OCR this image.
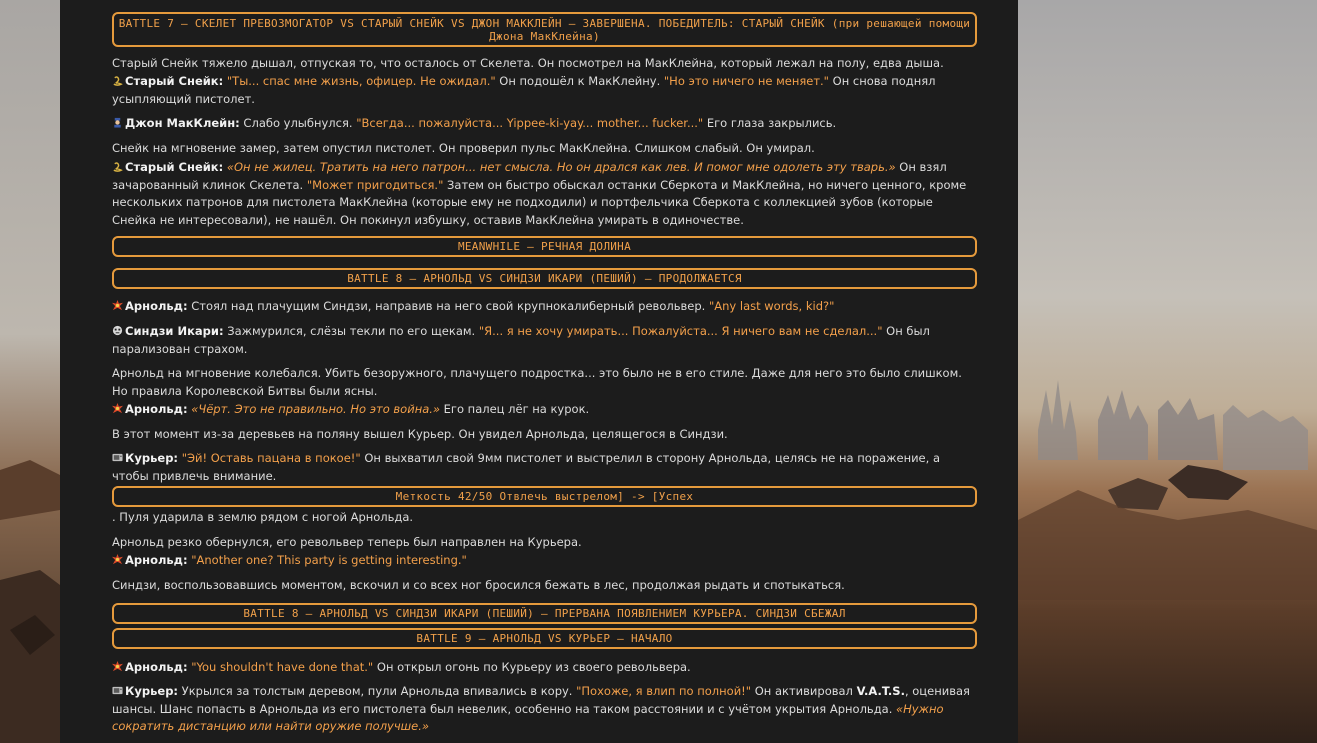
BATTLE 7 – СКЕЛЕТ ПРЕВОЗМОГАТОР VS СТАРЫЙ СНЕЙК VS ДЖОН МАККЛЕЙН – ЗАВЕРШЕНА. ПОБЕДИТЕЛЬ: СТАРЫЙ СНЕЙК (при решающей помощи Джона МакКлейна)
Старый Снейк тяжело дышал, отпуская то, что осталось от Скелета. Он посмотрел на МакКлейна, который лежал на полу, едва дыша.
Старый Снейк: "Ты... спас мне жизнь, офицер. Не ожидал." Он подошёл к МакКлейну. "Но это ничего не меняет." Он снова поднял усыпляющий пистолет.
Джон МакКлейн: Слабо улыбнулся. "Всегда... пожалуйста... Yippee-ki-yay... mother... fucker..." Его глаза закрылись.
Снейк на мгновение замер, затем опустил пистолет. Он проверил пульс МакКлейна. Слишком слабый. Он умирал.
Старый Снейк: «Он не жилец. Тратить на него патрон... нет смысла. Но он дрался как лев. И помог мне одолеть эту тварь.» Он взял зачарованный клинок Скелета. "Может пригодиться." Затем он быстро обыскал останки Сберкота и МакКлейна, но ничего ценного, кроме нескольких патронов для пистолета МакКлейна (которые ему не подходили) и портфельчика Сберкота с коллекцией зубов (которые Снейка не интересовали), не нашёл. Он покинул избушку, оставив МакКлейна умирать в одиночестве.
MEANWHILE – РЕЧНАЯ ДОЛИНА
BATTLE 8 – АРНОЛЬД VS СИНДЗИ ИКАРИ (ПЕШИЙ) – ПРОДОЛЖАЕТСЯ
Арнольд: Стоял над плачущим Синдзи, направив на него свой крупнокалиберный револьвер. "Any last words, kid?"
Синдзи Икари: Зажмурился, слёзы текли по его щекам. "Я... я не хочу умирать... Пожалуйста... Я ничего вам не сделал..." Он был парализован страхом.
Арнольд на мгновение колебался. Убить безоружного, плачущего подростка... это было не в его стиле. Даже для него это было слишком. Но правила Королевской Битвы были ясны.
Арнольд: «Чёрт. Это не правильно. Но это война.» Его палец лёг на курок.
В этот момент из-за деревьев на поляну вышел Курьер. Он увидел Арнольда, целящегося в Синдзи.
Курьер: "Эй! Оставь пацана в покое!" Он выхватил свой 9мм пистолет и выстрелил в сторону Арнольда, целясь не на поражение, а чтобы привлечь внимание.
Меткость 42/50 Отвлечь выстрелом] -> [Успех
. Пуля ударила в землю рядом с ногой Арнольда.
Арнольд резко обернулся, его револьвер теперь был направлен на Курьера.
Арнольд: "Another one? This party is getting interesting."
Синдзи, воспользовавшись моментом, вскочил и со всех ног бросился бежать в лес, продолжая рыдать и спотыкаться.
BATTLE 8 – АРНОЛЬД VS СИНДЗИ ИКАРИ (ПЕШИЙ) – ПРЕРВАНА ПОЯВЛЕНИЕМ КУРЬЕРА. СИНДЗИ СБЕЖАЛ
BATTLE 9 – АРНОЛЬД VS КУРЬЕР – НАЧАЛО
Арнольд: "You shouldn't have done that." Он открыл огонь по Курьеру из своего револьвера.
Курьер: Укрылся за толстым деревом, пули Арнольда впивались в кору. "Похоже, я влип по полной!" Он активировал V.A.T.S., оценивая шансы. Шанс попасть в Арнольда из его пистолета был невелик, особенно на таком расстоянии и с учётом укрытия Арнольда. «Нужно сократить дистанцию или найти оружие получше.»
